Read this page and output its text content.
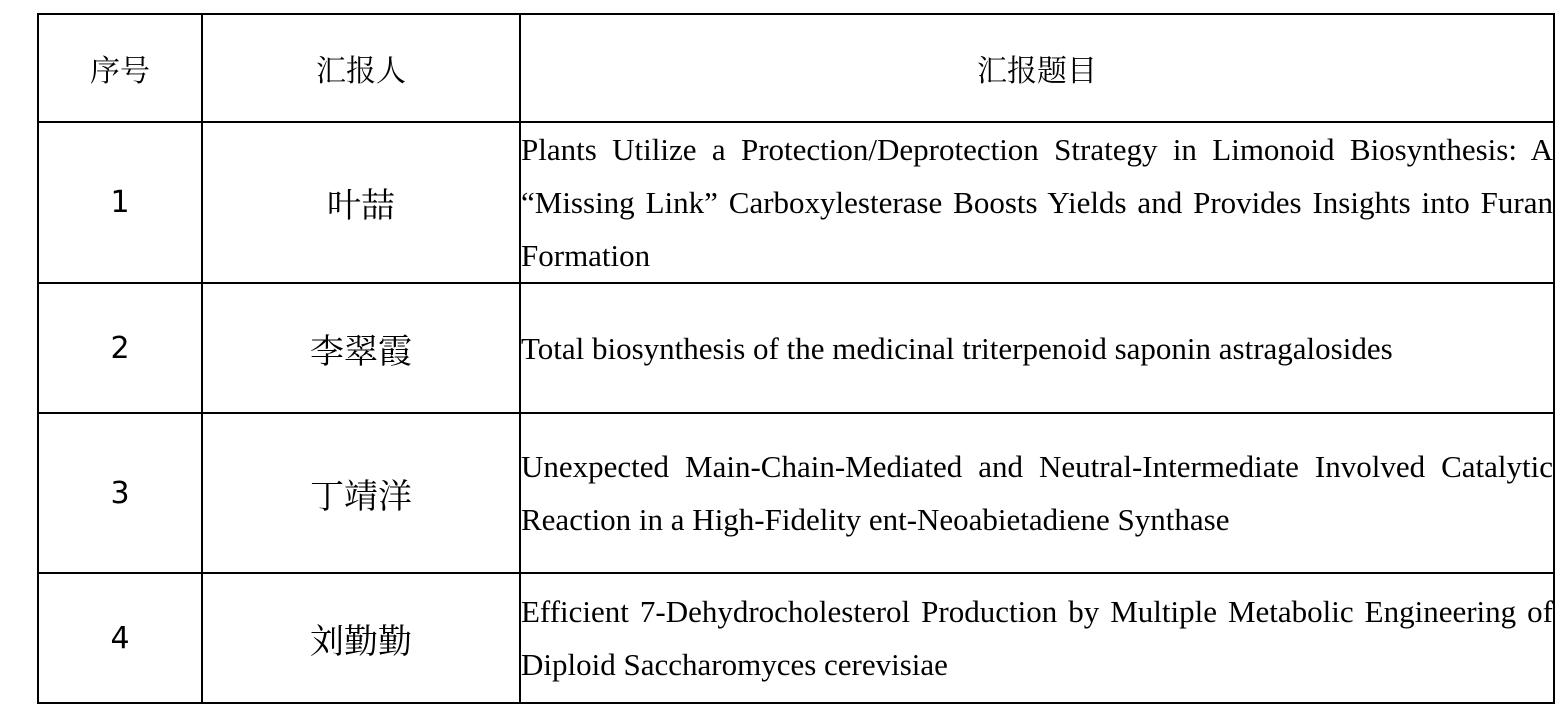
序号	汇报人	汇报题目
1	叶喆	Plants Utilize a Protection/Deprotection Strategy in Limonoid Biosynthesis: A “Missing Link” Carboxylesterase Boosts Yields and Provides Insights into Furan Formation
2	李翠霞	Total biosynthesis of the medicinal triterpenoid saponin astragalosides
3	丁靖洋	Unexpected Main-Chain-Mediated and Neutral-Intermediate Involved Catalytic Reaction in a High-Fidelity ent-Neoabietadiene Synthase
4	刘勤勤	Efficient 7-Dehydrocholesterol Production by Multiple Metabolic Engineering of Diploid Saccharomyces cerevisiae
